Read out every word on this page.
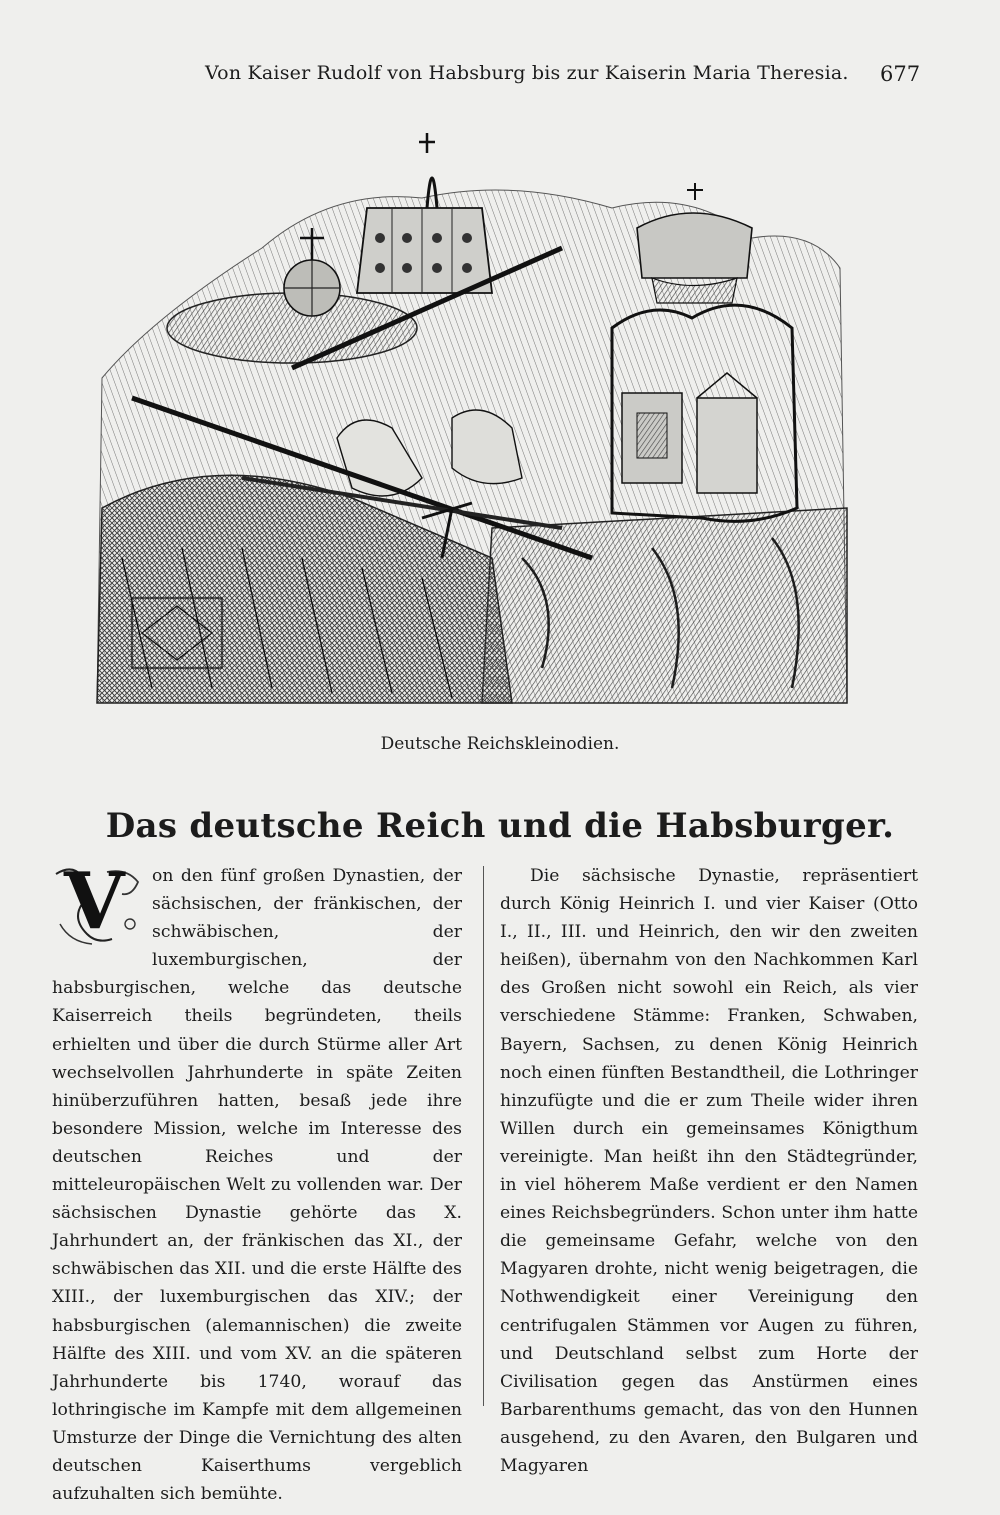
Von Kaiser Rudolf von Habsburg bis zur Kaiserin Maria Theresia. 677
Deutsche Reichskleinodien.
Das deutsche Reich und die Habsburger.
V	on den fünf großen Dynastien, der sächsischen, der fränkischen, der schwäbischen, der luxemburgischen, der habsburgischen, welche das deutsche Kaiserreich theils begründeten, theils erhielten und über die durch Stürme aller Art wechselvollen Jahrhunderte in späte Zeiten hinüberzuführen hatten, besaß jede ihre besondere Mission, welche im Interesse des deutschen Reiches und der mitteleuropäischen Welt zu vollenden war. Der sächsischen Dynastie gehörte das X. Jahrhundert an, der fränkischen das XI., der schwäbischen das XII. und die erste Hälfte des XIII., der luxemburgischen das XIV.; der habsburgischen (alemannischen) die zweite Hälfte des XIII. und vom XV. an die späteren Jahrhunderte bis 1740, worauf das lothringische im Kampfe mit dem allgemeinen Umsturze der Dinge die Vernichtung des alten deutschen Kaiserthums vergeblich aufzuhalten sich bemühte.

Die sächsische Dynastie, repräsentiert durch König Heinrich I. und vier Kaiser (Otto I., II., III. und Heinrich, den wir den zweiten heißen), übernahm von den Nachkommen Karl des Großen nicht sowohl ein Reich, als vier verschiedene Stämme: Franken, Schwaben, Bayern, Sachsen, zu denen König Heinrich noch einen fünften Bestandtheil, die Lothringer hinzufügte und die er zum Theile wider ihren Willen durch ein gemeinsames Königthum vereinigte. Man heißt ihn den Städtegründer, in viel höherem Maße verdient er den Namen eines Reichsbegründers. Schon unter ihm hatte die gemeinsame Gefahr, welche von den Magyaren drohte, nicht wenig beigetragen, die Nothwendigkeit einer Vereinigung den centrifugalen Stämmen vor Augen zu führen, und Deutschland selbst zum Horte der Civilisation gegen das Anstürmen eines Barbarenthums gemacht, das von den Hunnen ausgehend, zu den Avaren, den Bulgaren und Magyaren
